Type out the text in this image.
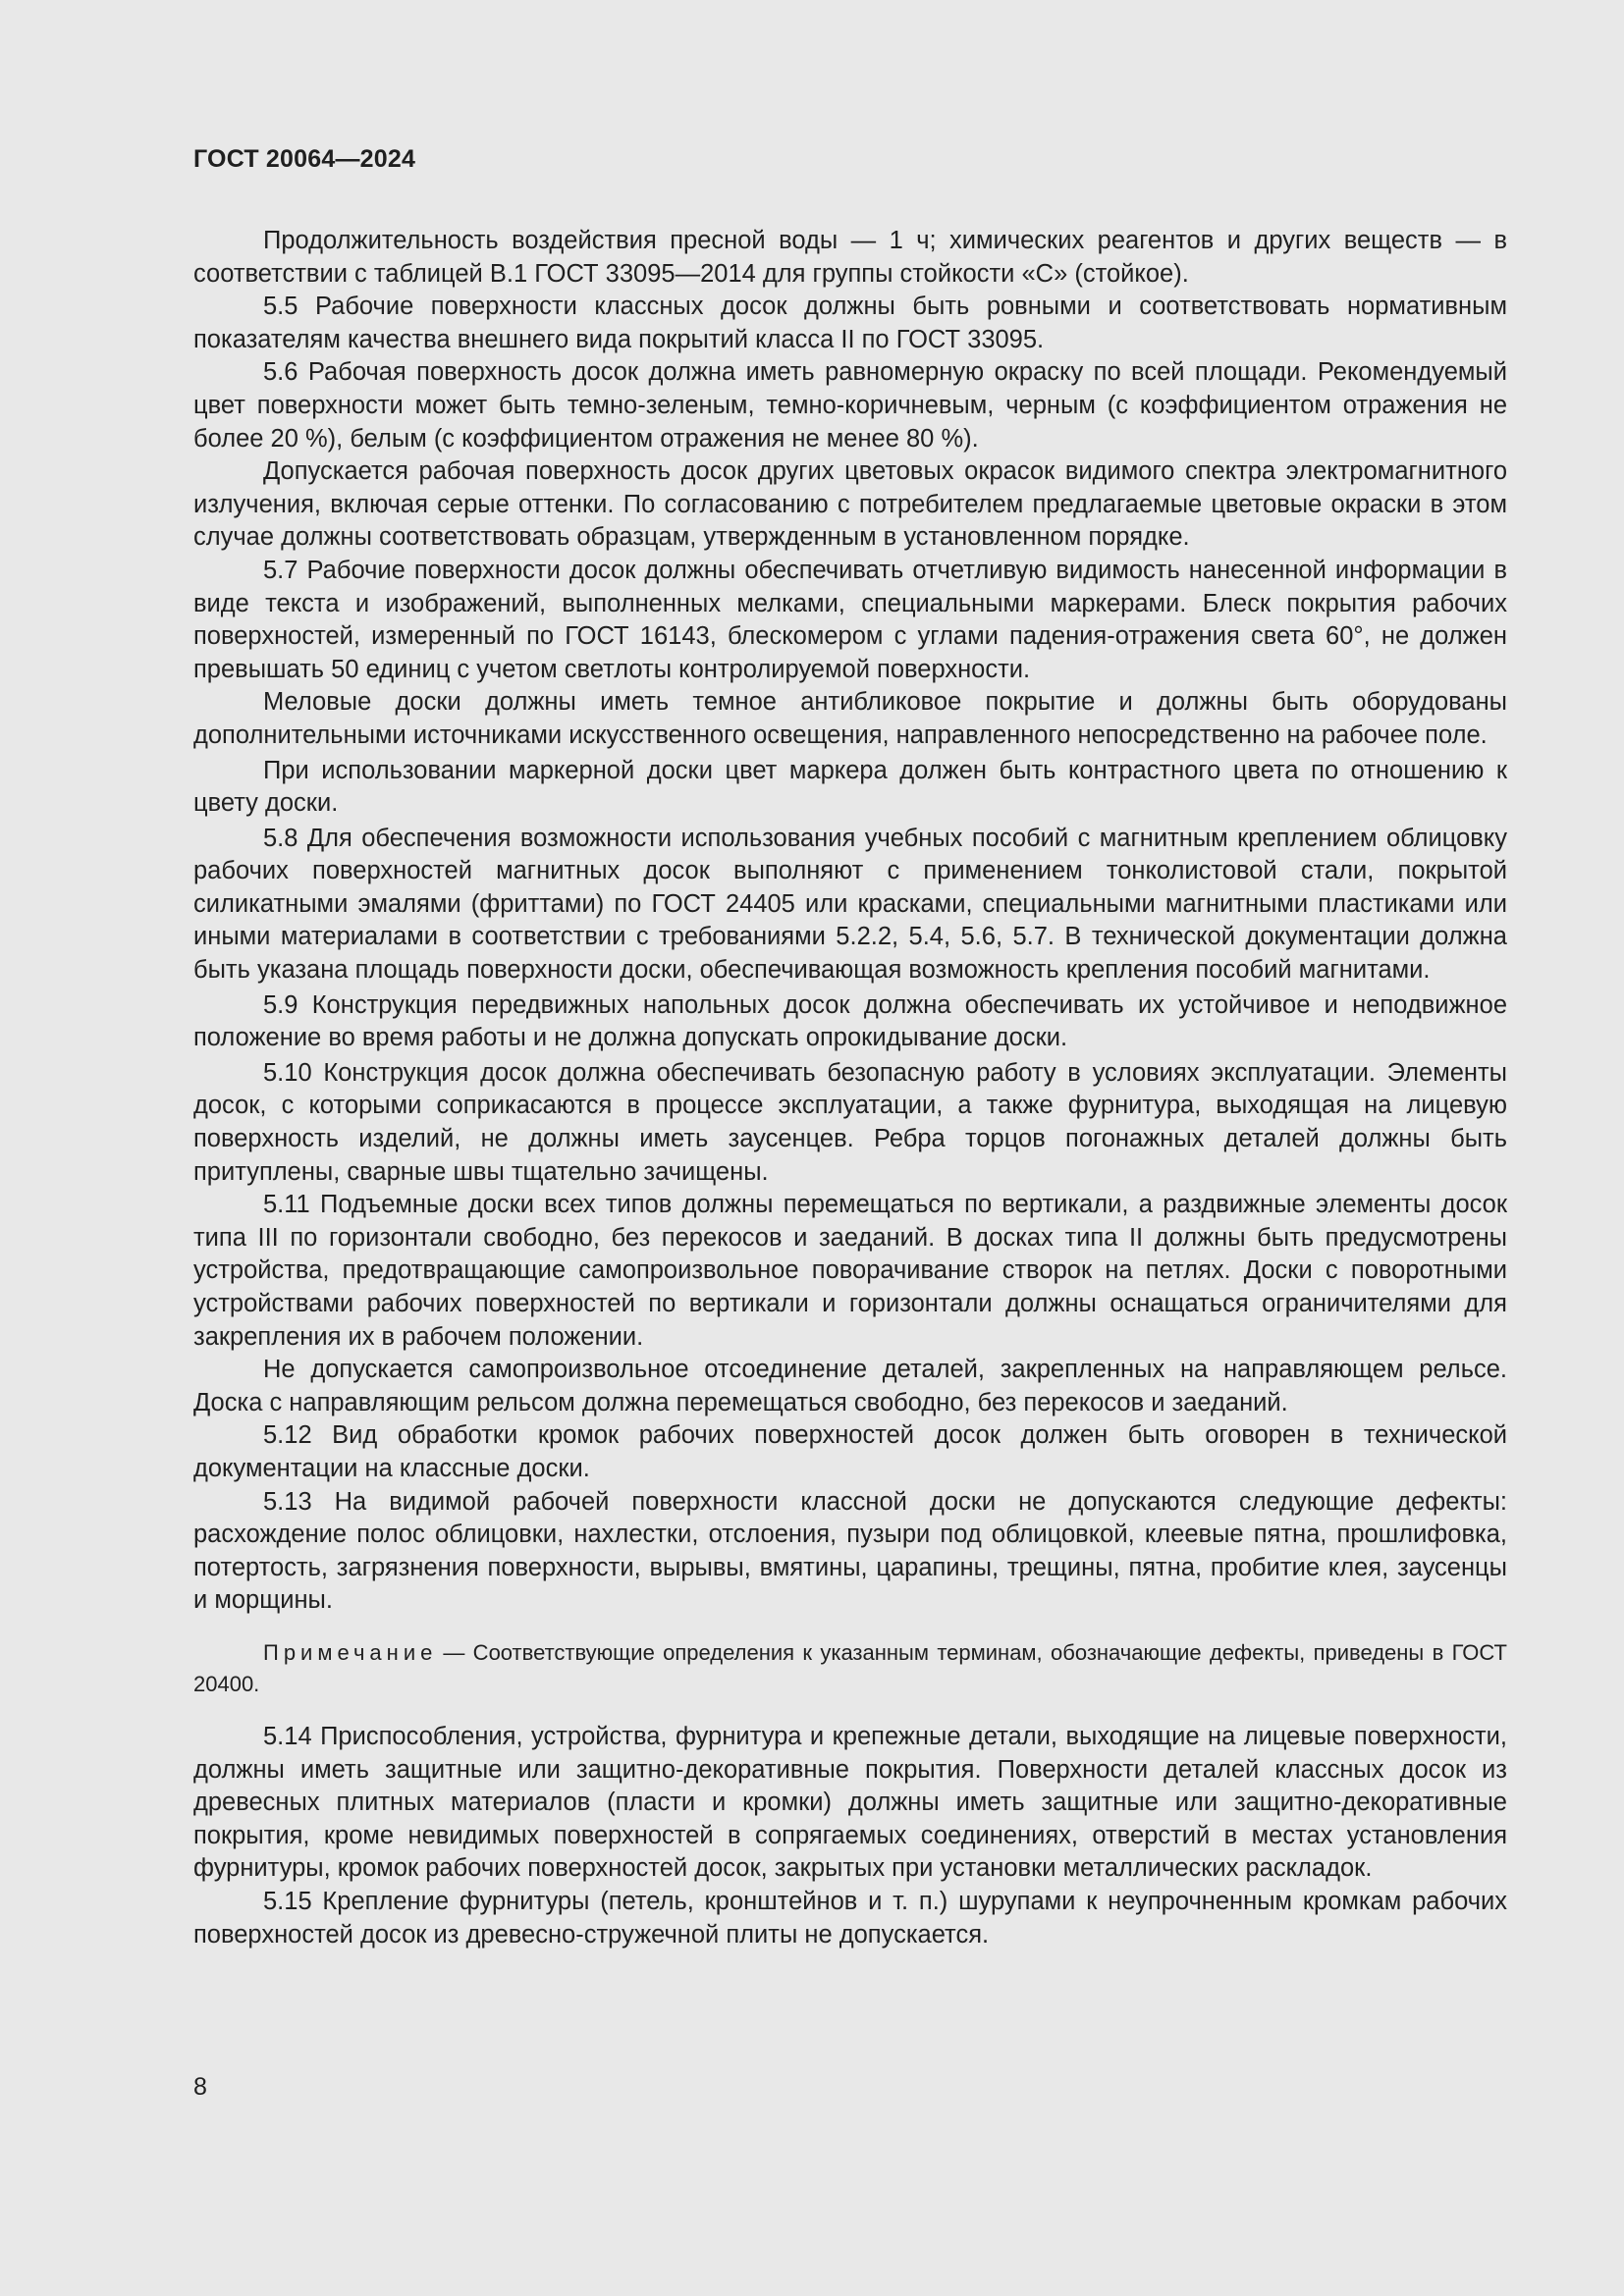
ГОСТ 20064—2024

Продолжительность воздействия пресной воды — 1 ч; химических реагентов и других веществ — в соответствии с таблицей В.1 ГОСТ 33095—2014 для группы стойкости «С» (стойкое).

5.5 Рабочие поверхности классных досок должны быть ровными и соответствовать нормативным показателям качества внешнего вида покрытий класса II по ГОСТ 33095.

5.6 Рабочая поверхность досок должна иметь равномерную окраску по всей площади. Рекомендуемый цвет поверхности может быть темно-зеленым, темно-коричневым, черным (с коэффициентом отражения не более 20 %), белым (с коэффициентом отражения не менее 80 %).

Допускается рабочая поверхность досок других цветовых окрасок видимого спектра электромагнитного излучения, включая серые оттенки. По согласованию с потребителем предлагаемые цветовые окраски в этом случае должны соответствовать образцам, утвержденным в установленном порядке.

5.7 Рабочие поверхности досок должны обеспечивать отчетливую видимость нанесенной информации в виде текста и изображений, выполненных мелками, специальными маркерами. Блеск покрытия рабочих поверхностей, измеренный по ГОСТ 16143, блескомером с углами падения-отражения света 60°, не должен превышать 50 единиц с учетом светлоты контролируемой поверхности.

Меловые доски должны иметь темное антибликовое покрытие и должны быть оборудованы дополнительными источниками искусственного освещения, направленного непосредственно на рабочее поле.

При использовании маркерной доски цвет маркера должен быть контрастного цвета по отношению к цвету доски.

5.8 Для обеспечения возможности использования учебных пособий с магнитным креплением облицовку рабочих поверхностей магнитных досок выполняют с применением тонколистовой стали, покрытой силикатными эмалями (фриттами) по ГОСТ 24405 или красками, специальными магнитными пластиками или иными материалами в соответствии с требованиями 5.2.2, 5.4, 5.6, 5.7. В технической документации должна быть указана площадь поверхности доски, обеспечивающая возможность крепления пособий магнитами.

5.9 Конструкция передвижных напольных досок должна обеспечивать их устойчивое и неподвижное положение во время работы и не должна допускать опрокидывание доски.

5.10 Конструкция досок должна обеспечивать безопасную работу в условиях эксплуатации. Элементы досок, с которыми соприкасаются в процессе эксплуатации, а также фурнитура, выходящая на лицевую поверхность изделий, не должны иметь заусенцев. Ребра торцов погонажных деталей должны быть притуплены, сварные швы тщательно зачищены.

5.11 Подъемные доски всех типов должны перемещаться по вертикали, а раздвижные элементы досок типа III по горизонтали свободно, без перекосов и заеданий. В досках типа II должны быть предусмотрены устройства, предотвращающие самопроизвольное поворачивание створок на петлях. Доски с поворотными устройствами рабочих поверхностей по вертикали и горизонтали должны оснащаться ограничителями для закрепления их в рабочем положении.

Не допускается самопроизвольное отсоединение деталей, закрепленных на направляющем рельсе. Доска с направляющим рельсом должна перемещаться свободно, без перекосов и заеданий.

5.12 Вид обработки кромок рабочих поверхностей досок должен быть оговорен в технической документации на классные доски.

5.13 На видимой рабочей поверхности классной доски не допускаются следующие дефекты: расхождение полос облицовки, нахлестки, отслоения, пузыри под облицовкой, клеевые пятна, прошлифовка, потертость, загрязнения поверхности, вырывы, вмятины, царапины, трещины, пятна, пробитие клея, заусенцы и морщины.

Примечание — Соответствующие определения к указанным терминам, обозначающие дефекты, приведены в ГОСТ 20400.

5.14 Приспособления, устройства, фурнитура и крепежные детали, выходящие на лицевые поверхности, должны иметь защитные или защитно-декоративные покрытия. Поверхности деталей классных досок из древесных плитных материалов (пласти и кромки) должны иметь защитные или защитно-декоративные покрытия, кроме невидимых поверхностей в сопрягаемых соединениях, отверстий в местах установления фурнитуры, кромок рабочих поверхностей досок, закрытых при установки металлических раскладок.

5.15 Крепление фурнитуры (петель, кронштейнов и т. п.) шурупами к неупрочненным кромкам рабочих поверхностей досок из древесно-стружечной плиты не допускается.

8
